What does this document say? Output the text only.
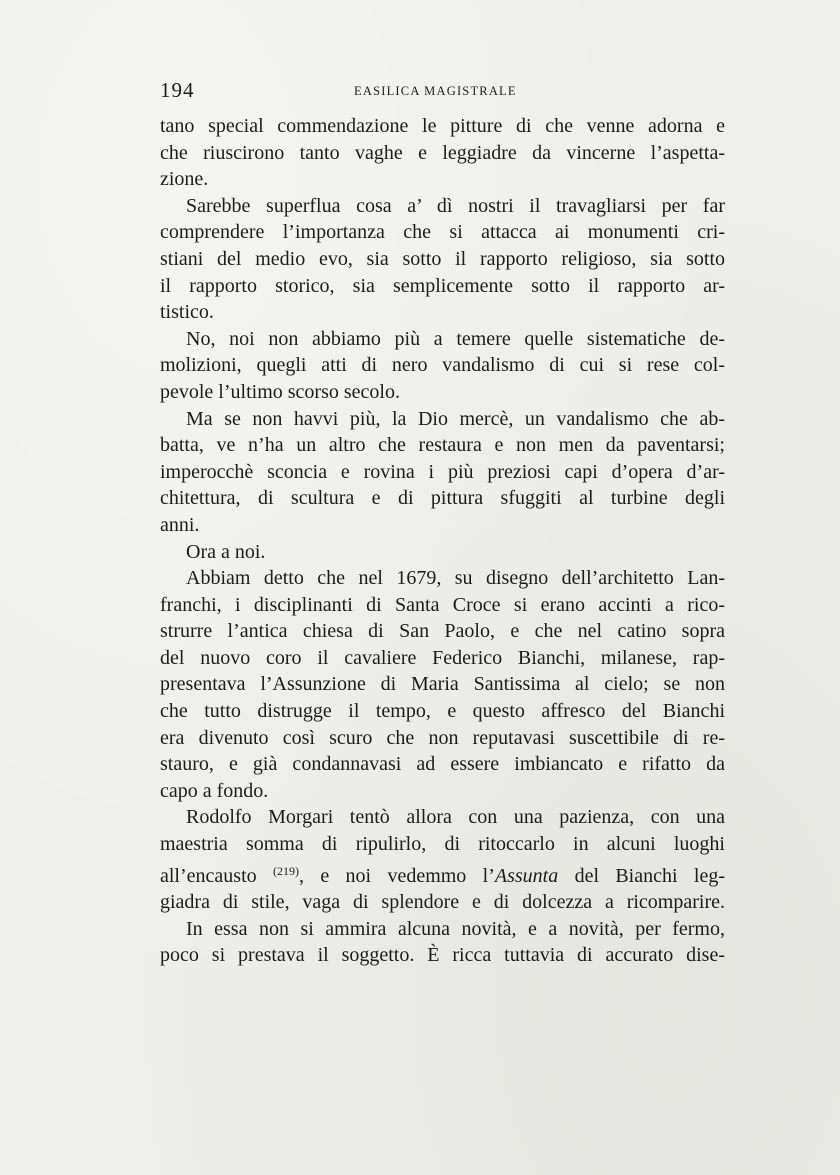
194	EASILICA MAGISTRALE

tano special commendazione le pitture di che venne adorna e
che riuscirono tanto vaghe e leggiadre da vincerne l’aspetta-
zione.

Sarebbe superflua cosa a’ dì nostri il travagliarsi per far
comprendere l’importanza che si attacca ai monumenti cri-
stiani del medio evo, sia sotto il rapporto religioso, sia sotto
il rapporto storico, sia semplicemente sotto il rapporto ar-
tistico.

No, noi non abbiamo più a temere quelle sistematiche de-
molizioni, quegli atti di nero vandalismo di cui si rese col-
pevole l’ultimo scorso secolo.

Ma se non havvi più, la Dio mercè, un vandalismo che ab-
batta, ve n’ha un altro che restaura e non men da paventarsi;
imperocchè sconcia e rovina i più preziosi capi d’opera d’ar-
chitettura, di scultura e di pittura sfuggiti al turbine degli
anni.

Ora a noi.

Abbiam detto che nel 1679, su disegno dell’architetto Lan-
franchi, i disciplinanti di Santa Croce si erano accinti a rico-
strurre l’antica chiesa di San Paolo, e che nel catino sopra
del nuovo coro il cavaliere Federico Bianchi, milanese, rap-
presentava l’Assunzione di Maria Santissima al cielo; se non
che tutto distrugge il tempo, e questo affresco del Bianchi
era divenuto così scuro che non reputavasi suscettibile di re-
stauro, e già condannavasi ad essere imbiancato e rifatto da
capo a fondo.

Rodolfo Morgari tentò allora con una pazienza, con una
maestria somma di ripulirlo, di ritoccarlo in alcuni luoghi
all’encausto $^{(219)}$, e noi vedemmo l’Assunta del Bianchi leg-
giadra di stile, vaga di splendore e di dolcezza a ricomparire.

In essa non si ammira alcuna novità, e a novità, per fermo,
poco si prestava il soggetto. È ricca tuttavia di accurato dise-
